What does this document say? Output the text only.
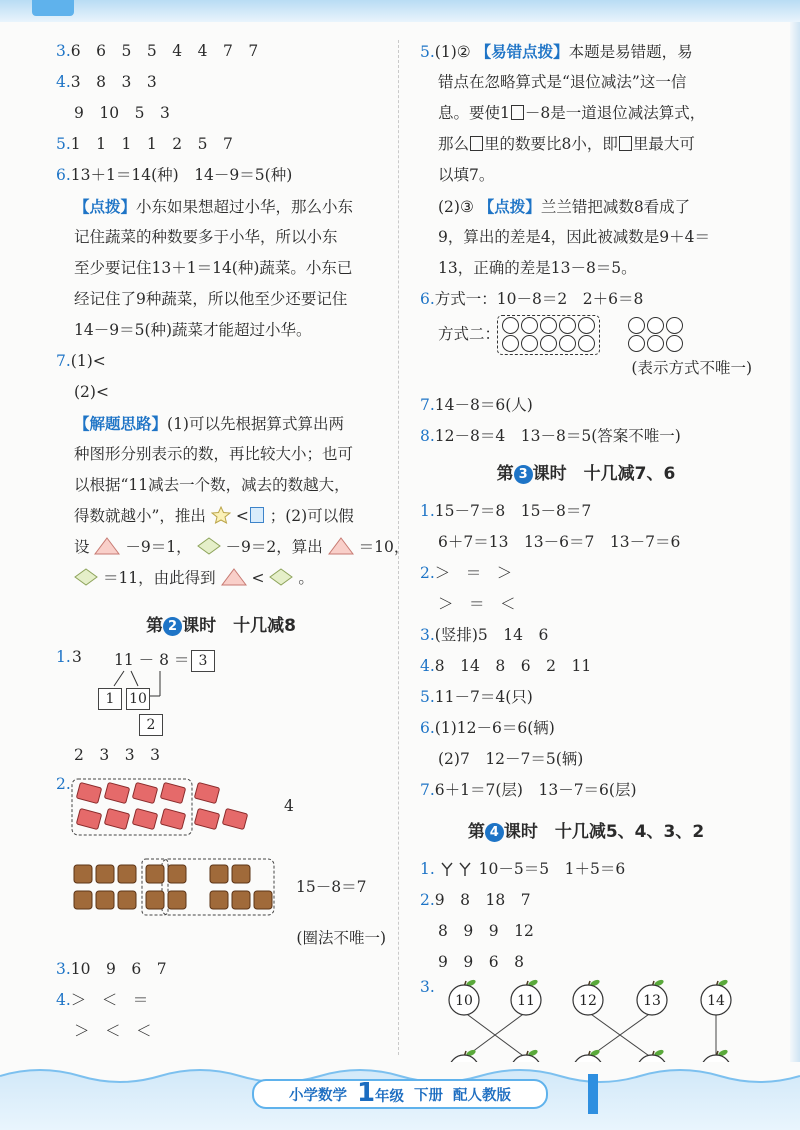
3.6　6　5　5　4　4　7　7
4.3　8　3　3
9　10　5　3
5.1　1　1　1　2　5　7
6.13＋1＝14(种)　14－9＝5(种)
【点拨】小东如果想超过小华，那么小东
记住蔬菜的种数要多于小华，所以小东
至少要记住13＋1＝14(种)蔬菜。小东已
经记住了9种蔬菜，所以他至少还要记住
14－9＝5(种)蔬菜才能超过小华。
7.(1)<
(2)<
【解题思路】(1)可以先根据算式算出两
种图形分别表示的数，再比较大小；也可
以根据“11减去一个数，减去的数越大，
得数就越小”，推出 < ；(2)可以假
设 －9＝1， －9＝2，算出 ＝10，
＝11，由此得到 < 。
第 2 课时　十几减8
1. 3 11 － 8 ＝ 3
1	10
2
2　3　3　3
2.
4
15－8＝7
(圈法不唯一)
3.10　9　6　7
4.＞　＜　＝
＞　＜　＜
5.(1)② 【易错点拨】本题是易错题，易
错点在忽略算式是“退位减法”这一信
息。要使1 －8是一道退位减法算式，
那么 里的数要比8小，即 里最大可
以填7。
(2)③ 【点拨】兰兰错把减数8看成了
9，算出的差是4，因此被减数是9＋4＝
13，正确的差是13－8＝5。
6.方式一：10－8＝2　2＋6＝8
方式二：

(表示方式不唯一)
7.14－8＝6(人)
8.12－8＝4　13－8＝5(答案不唯一)
第 3 课时　十几减7、6
1.15－7＝8　15－8＝7
6＋7＝13　13－6＝7　13－7＝6
2.＞　＝　＞
＞　＝　＜
3.(竖排)5　14　6
4.8　14　8　6　2　11
5.11－7＝4(只)
6.(1)12－6＝6(辆)
(2)7　12－7＝5(辆)
7.6＋1＝7(层)　13－7＝6(层)
第 4 课时　十几减5、4、3、2
1.	10－5＝5　1＋5＝6
2.9　8　18　7
8　9　9　12
9　9　6　8
3.
10	11	12	13	14
小学数学 1年级 下册 配人教版
